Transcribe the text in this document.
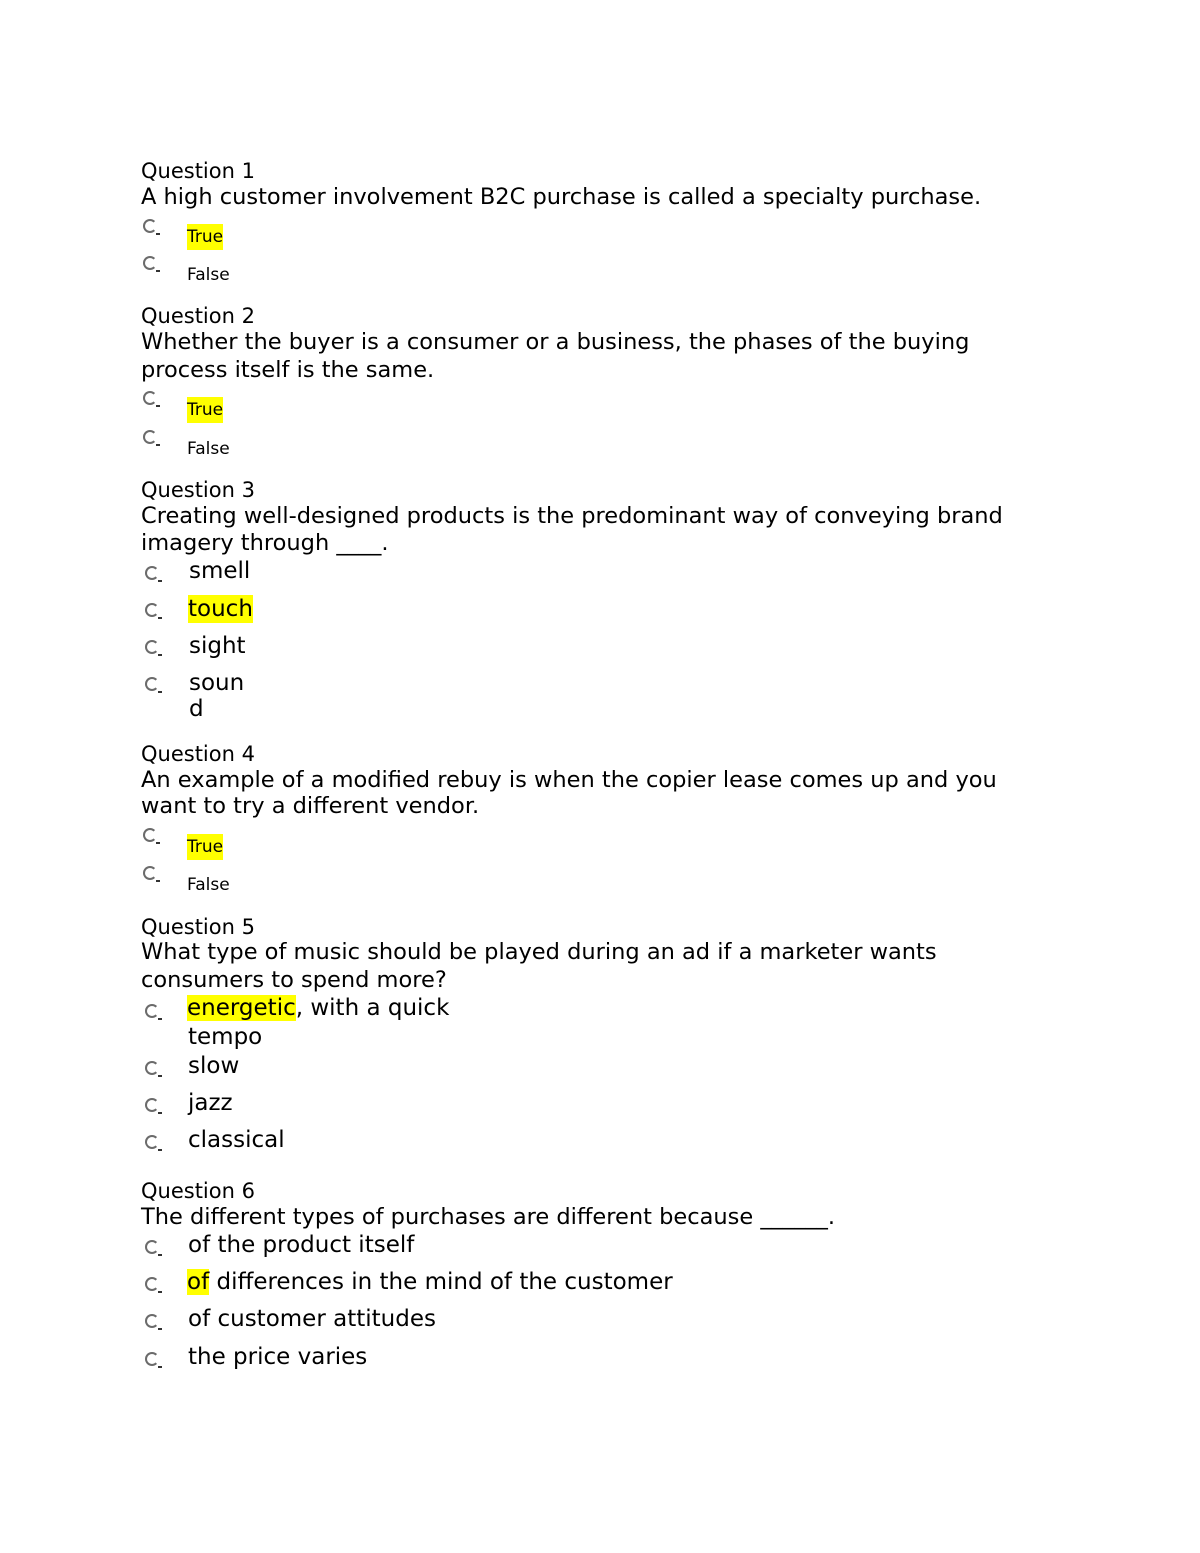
Question 1

A high customer involvement B2C purchase is called a specialty purchase.

True
False

Question 2

Whether the buyer is a consumer or a business, the phases of the buying

process itself is the same.

True
False

Question 3

Creating well-designed products is the predominant way of conveying brand

imagery through ____.

smell
touch
sight
soun
d

Question 4

An example of a modified rebuy is when the copier lease comes up and you

want to try a different vendor.

True
False

Question 5

What type of music should be played during an ad if a marketer wants

consumers to spend more?

energetic, with a quick
tempo
slow
jazz
classical

Question 6

The different types of purchases are different because ______.

of the product itself
of differences in the mind of the customer
of customer attitudes
the price varies
